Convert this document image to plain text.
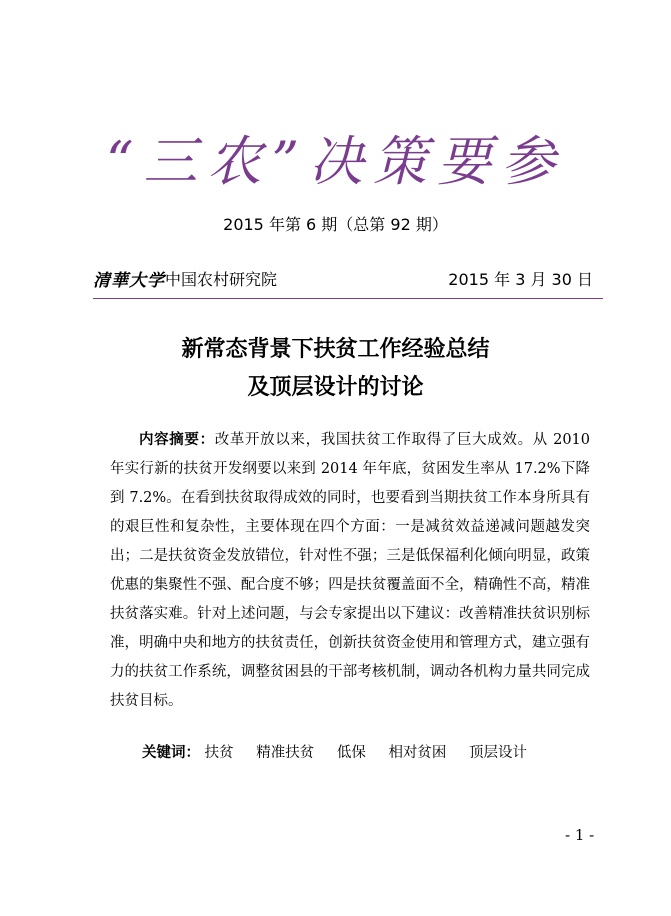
“三农”决策要参
2015 年第 6 期（总第 92 期）
清華大学 中国农村研究院	2015 年 3 月 30 日
新常态背景下扶贫工作经验总结
及顶层设计的讨论

内容摘要：改革开放以来，我国扶贫工作取得了巨大成效。从 2010 年实行新的扶贫开发纲要以来到 2014 年年底，贫困发生率从 17.2%下降到 7.2%。在看到扶贫取得成效的同时，也要看到当期扶贫工作本身所具有的艰巨性和复杂性，主要体现在四个方面：一是减贫效益递减问题越发突出；二是扶贫资金发放错位，针对性不强；三是低保福利化倾向明显，政策优惠的集聚性不强、配合度不够；四是扶贫覆盖面不全，精确性不高，精准扶贫落实难。针对上述问题，与会专家提出以下建议：改善精准扶贫识别标准，明确中央和地方的扶贫责任，创新扶贫资金使用和管理方式，建立强有力的扶贫工作系统，调整贫困县的干部考核机制，调动各机构力量共同完成扶贫目标。

关键词： 扶贫 精准扶贫 低保 相对贫困 顶层设计
- 1 -
